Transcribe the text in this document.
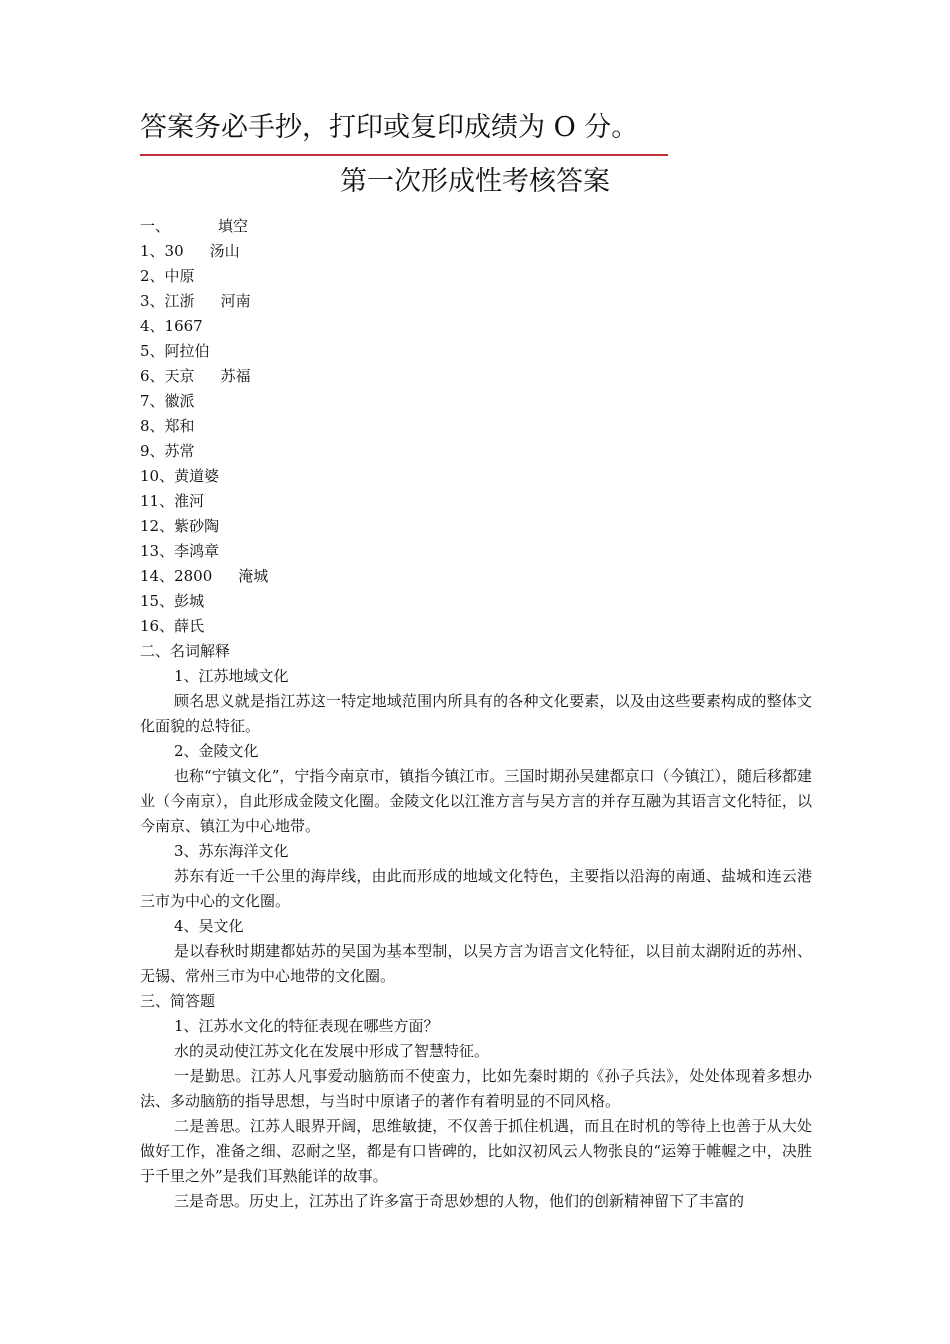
答案务必手抄，打印或复印成绩为 O 分。
第一次形成性考核答案
一、	填空
1、30 汤山
2、中原
3、江浙 河南
4、1667
5、阿拉伯
6、天京 苏福
7、徽派
8、郑和
9、苏常
10、黄道婆
11、淮河
12、紫砂陶
13、李鸿章
14、2800 淹城
15、彭城
16、薛氏
二、名词解释
1、江苏地域文化
顾名思义就是指江苏这一特定地域范围内所具有的各种文化要素，以及由这些要素构成的整体文化面貌的总特征。
2、金陵文化
也称“宁镇文化”，宁指今南京市，镇指今镇江市。三国时期孙吴建都京口（今镇江），随后移都建业（今南京），自此形成金陵文化圈。金陵文化以江淮方言与吴方言的并存互融为其语言文化特征，以今南京、镇江为中心地带。
3、苏东海洋文化
苏东有近一千公里的海岸线，由此而形成的地域文化特色，主要指以沿海的南通、盐城和连云港三市为中心的文化圈。
4、吴文化
是以春秋时期建都姑苏的吴国为基本型制，以吴方言为语言文化特征，以目前太湖附近的苏州、无锡、常州三市为中心地带的文化圈。
三、简答题
1、江苏水文化的特征表现在哪些方面？
水的灵动使江苏文化在发展中形成了智慧特征。
一是勤思。江苏人凡事爱动脑筋而不使蛮力，比如先秦时期的《孙子兵法》，处处体现着多想办法、多动脑筋的指导思想，与当时中原诸子的著作有着明显的不同风格。
二是善思。江苏人眼界开阔，思维敏捷，不仅善于抓住机遇，而且在时机的等待上也善于从大处做好工作，准备之细、忍耐之坚，都是有口皆碑的，比如汉初风云人物张良的“运筹于帷幄之中，决胜于千里之外”是我们耳熟能详的故事。
三是奇思。历史上，江苏出了许多富于奇思妙想的人物，他们的创新精神留下了丰富的
